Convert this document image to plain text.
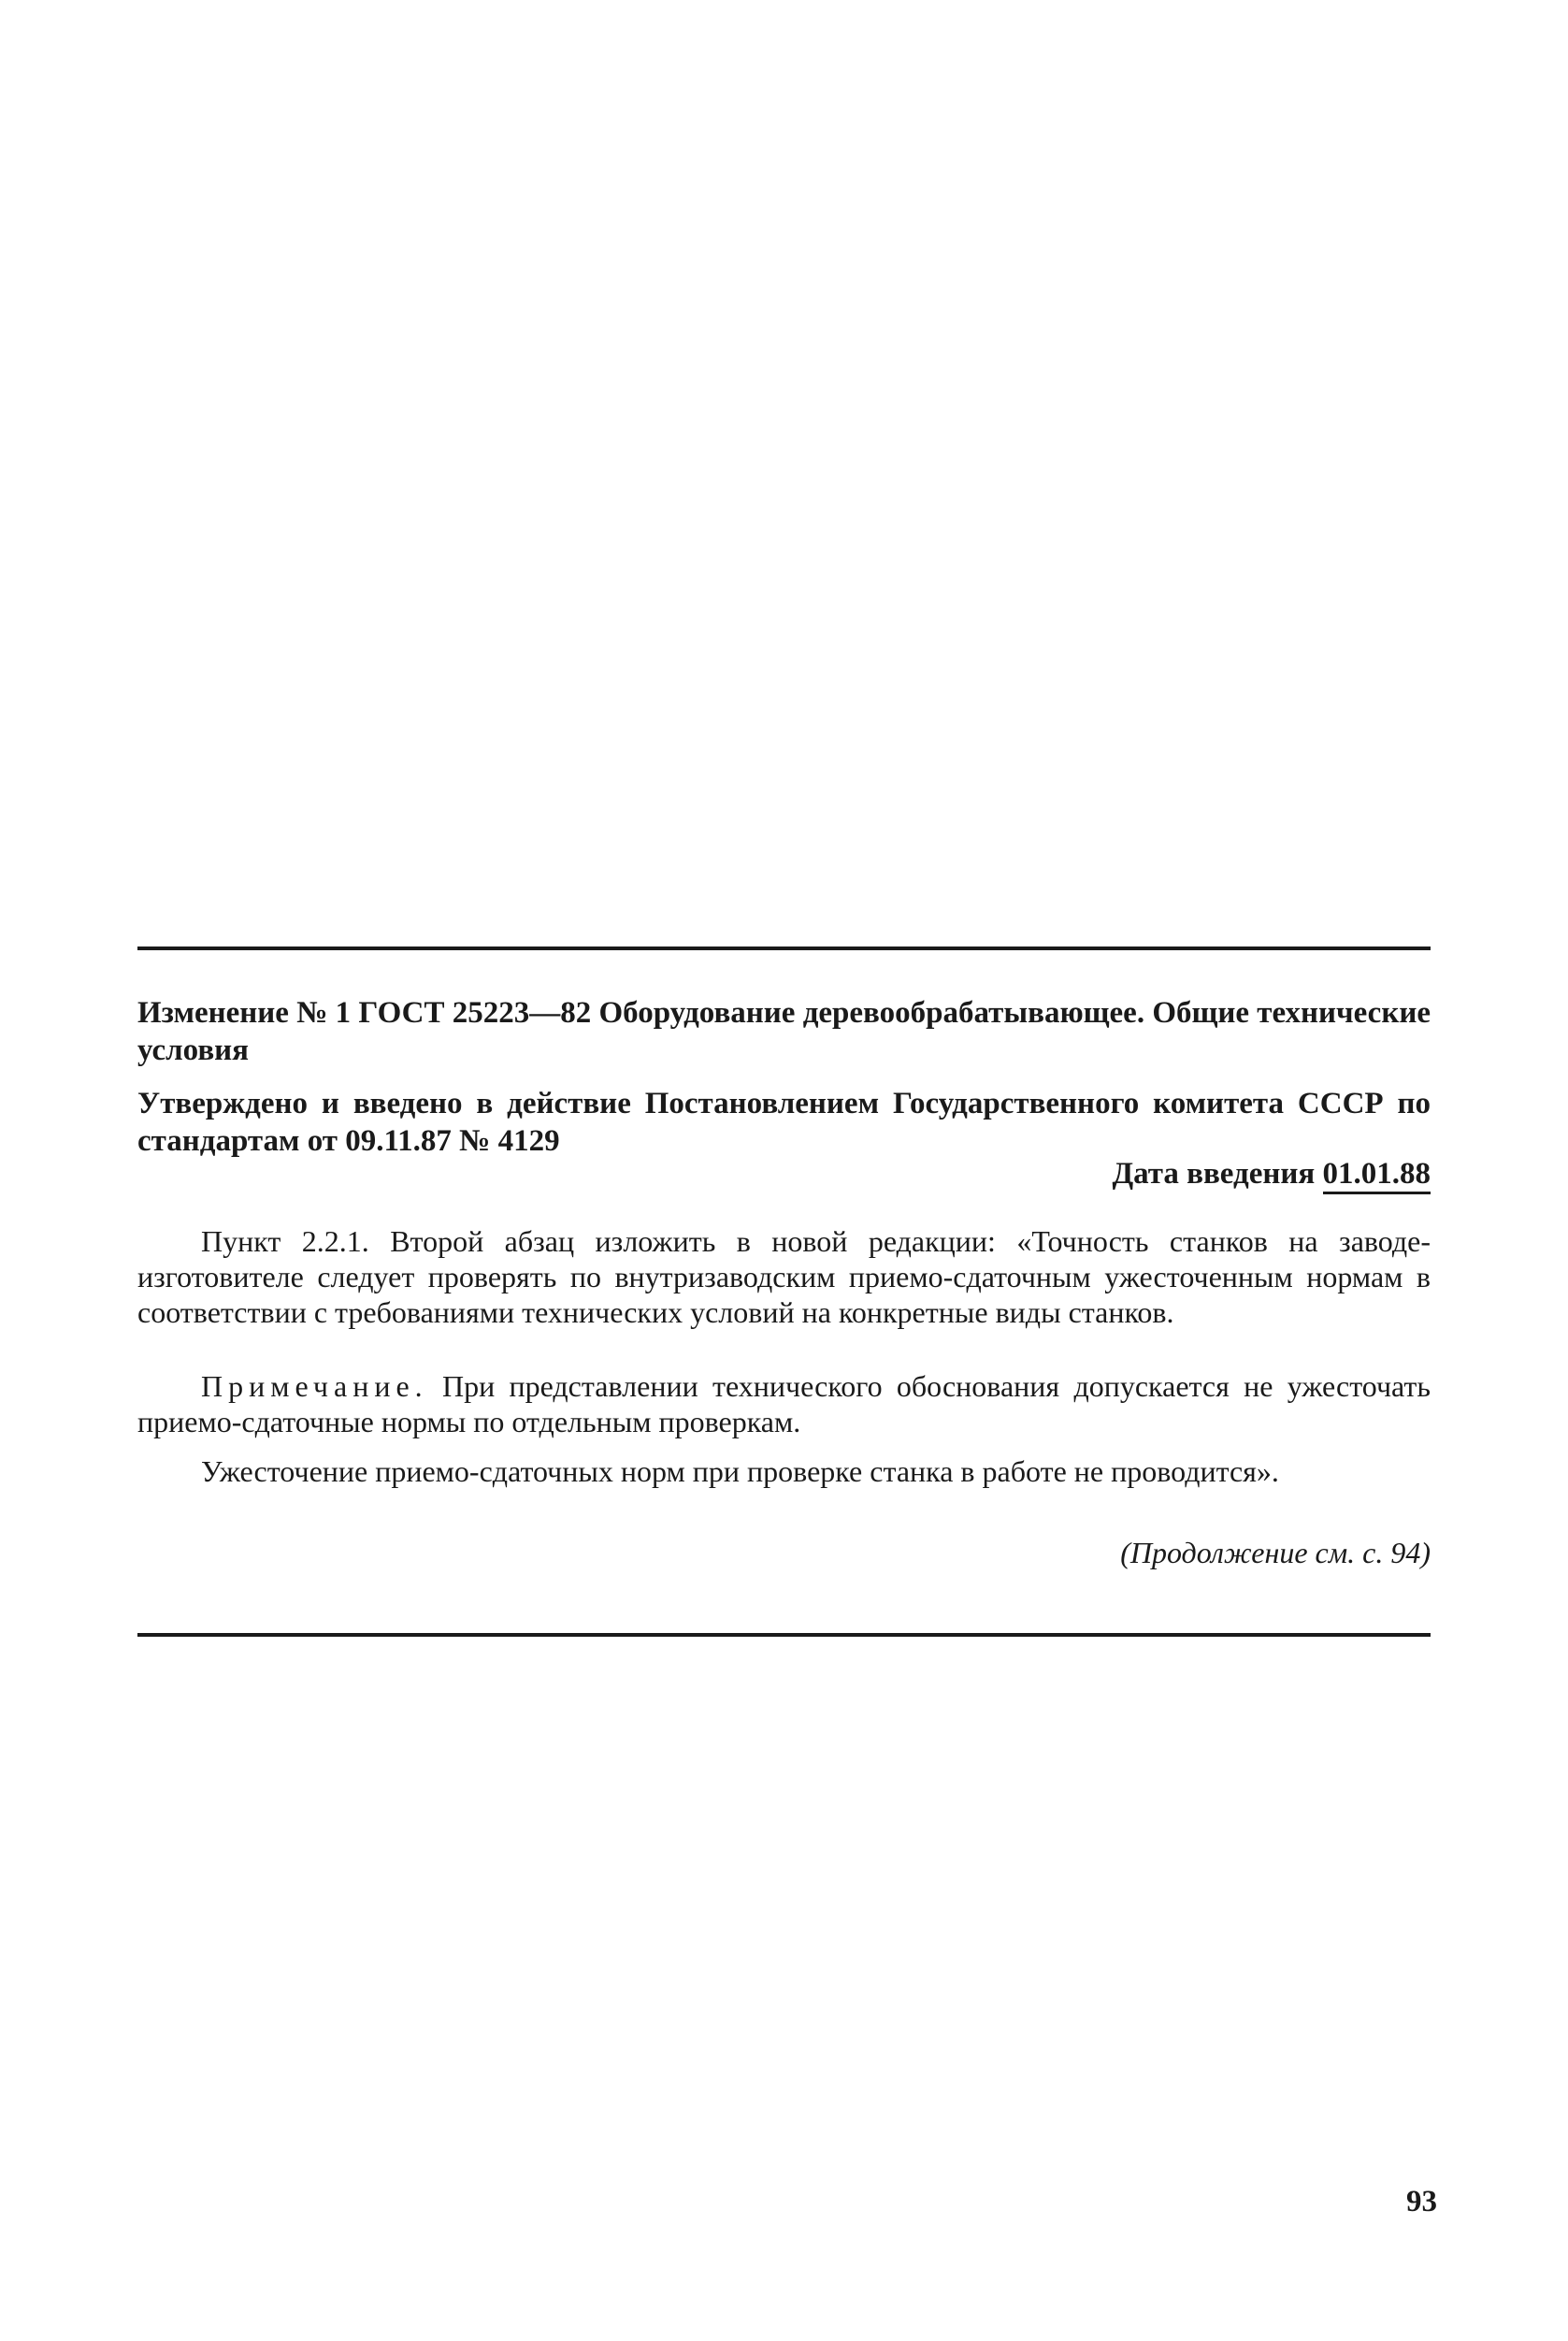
Изменение № 1 ГОСТ 25223—82 Оборудование деревообрабатывающее. Общие технические условия
Утверждено и введено в действие Постановлением Государственного комитета СССР по стандартам от 09.11.87 № 4129
Дата введения 01.01.88
Пункт 2.2.1. Второй абзац изложить в новой редакции: «Точность станков на заводе-изготовителе следует проверять по внутризаводским приемо-сдаточным ужесточенным нормам в соответствии с требованиями технических условий на конкретные виды станков.
Примечание. При представлении технического обоснования допускается не ужесточать приемо-сдаточные нормы по отдельным проверкам.
Ужесточение приемо-сдаточных норм при проверке станка в работе не проводится».
(Продолжение см. с. 94)
93
